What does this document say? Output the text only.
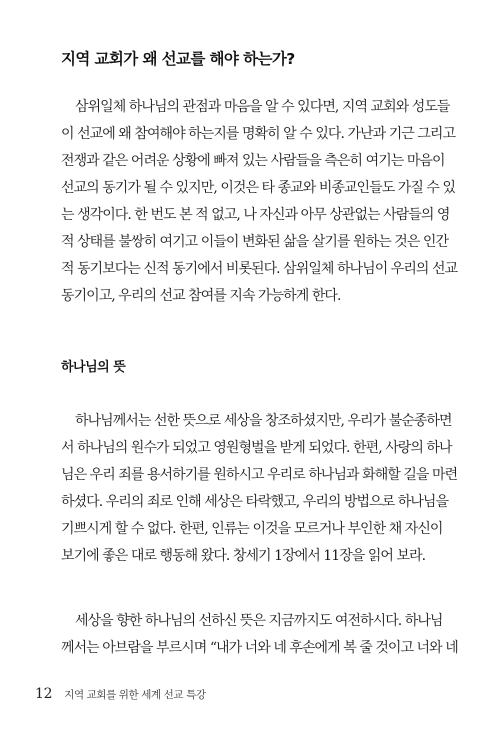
지역 교회가 왜 선교를 해야 하는가?
삼위일체 하나님의 관점과 마음을 알 수 있다면, 지역 교회와 성도들
이 선교에 왜 참여해야 하는지를 명확히 알 수 있다. 가난과 기근 그리고
전쟁과 같은 어려운 상황에 빠져 있는 사람들을 측은히 여기는 마음이
선교의 동기가 될 수 있지만, 이것은 타 종교와 비종교인들도 가질 수 있
는 생각이다. 한 번도 본 적 없고, 나 자신과 아무 상관없는 사람들의 영
적 상태를 불쌍히 여기고 이들이 변화된 삶을 살기를 원하는 것은 인간
적 동기보다는 신적 동기에서 비롯된다. 삼위일체 하나님이 우리의 선교
동기이고, 우리의 선교 참여를 지속 가능하게 한다.
하나님의 뜻
하나님께서는 선한 뜻으로 세상을 창조하셨지만, 우리가 불순종하면
서 하나님의 원수가 되었고 영원형벌을 받게 되었다. 한편, 사랑의 하나
님은 우리 죄를 용서하기를 원하시고 우리로 하나님과 화해할 길을 마련
하셨다. 우리의 죄로 인해 세상은 타락했고, 우리의 방법으로 하나님을
기쁘시게 할 수 없다. 한편, 인류는 이것을 모르거나 부인한 채 자신이
보기에 좋은 대로 행동해 왔다. 창세기 1장에서 11장을 읽어 보라.
세상을 향한 하나님의 선하신 뜻은 지금까지도 여전하시다. 하나님
께서는 아브람을 부르시며 “내가 너와 네 후손에게 복 줄 것이고 너와 네
12 지역 교회를 위한 세계 선교 특강
